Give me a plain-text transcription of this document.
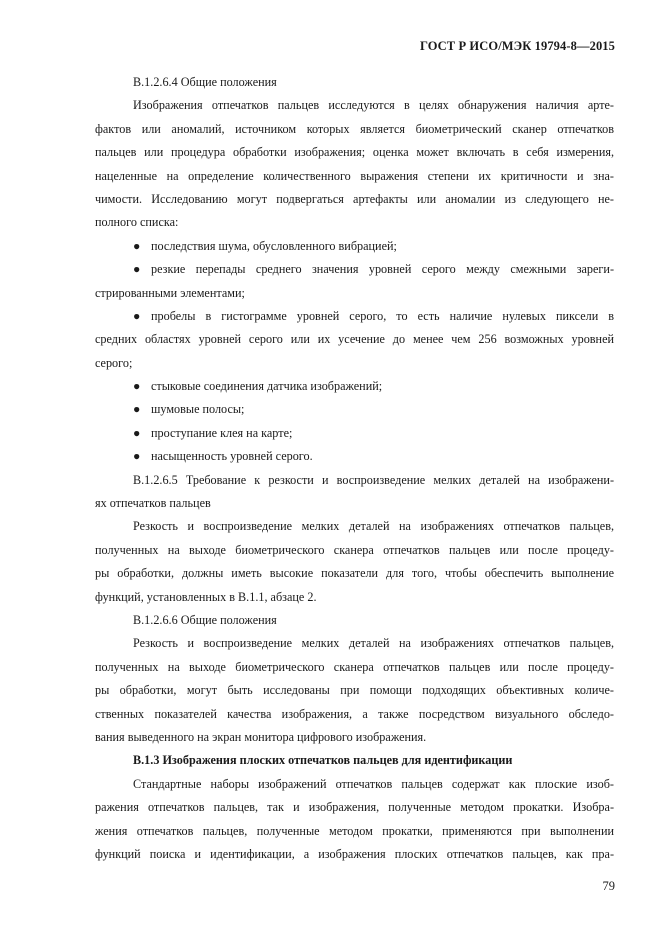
ГОСТ Р ИСО/МЭК 19794-8—2015
В.1.2.6.4 Общие положения
Изображения отпечатков пальцев исследуются в целях обнаружения наличия арте-
фактов или аномалий, источником которых является биометрический сканер отпечатков
пальцев или процедура обработки изображения; оценка может включать в себя измерения,
нацеленные на определение количественного выражения степени их критичности и зна-
чимости. Исследованию могут подвергаться артефакты или аномалии из следующего не-
полного списка:
● последствия шума, обусловленного вибрацией;
● резкие перепады среднего значения уровней серого между смежными зареги-
стрированными элементами;
● пробелы в гистограмме уровней серого, то есть наличие нулевых пиксели в
средних областях уровней серого или их усечение до менее чем 256 возможных уровней
серого;
● стыковые соединения датчика изображений;
● шумовые полосы;
● проступание клея на карте;
● насыщенность уровней серого.
В.1.2.6.5 Требование к резкости и воспроизведение мелких деталей на изображени-
ях отпечатков пальцев
Резкость и воспроизведение мелких деталей на изображениях отпечатков пальцев,
полученных на выходе биометрического сканера отпечатков пальцев или после процеду-
ры обработки, должны иметь высокие показатели для того, чтобы обеспечить выполнение
функций, установленных в В.1.1, абзаце 2.
В.1.2.6.6 Общие положения
Резкость и воспроизведение мелких деталей на изображениях отпечатков пальцев,
полученных на выходе биометрического сканера отпечатков пальцев или после процеду-
ры обработки, могут быть исследованы при помощи подходящих объективных количе-
ственных показателей качества изображения, а также посредством визуального обследо-
вания выведенного на экран монитора цифрового изображения.
В.1.3 Изображения плоских отпечатков пальцев для идентификации
Стандартные наборы изображений отпечатков пальцев содержат как плоские изоб-
ражения отпечатков пальцев, так и изображения, полученные методом прокатки. Изобра-
жения отпечатков пальцев, полученные методом прокатки, применяются при выполнении
функций поиска и идентификации, а изображения плоских отпечатков пальцев, как пра-
79
